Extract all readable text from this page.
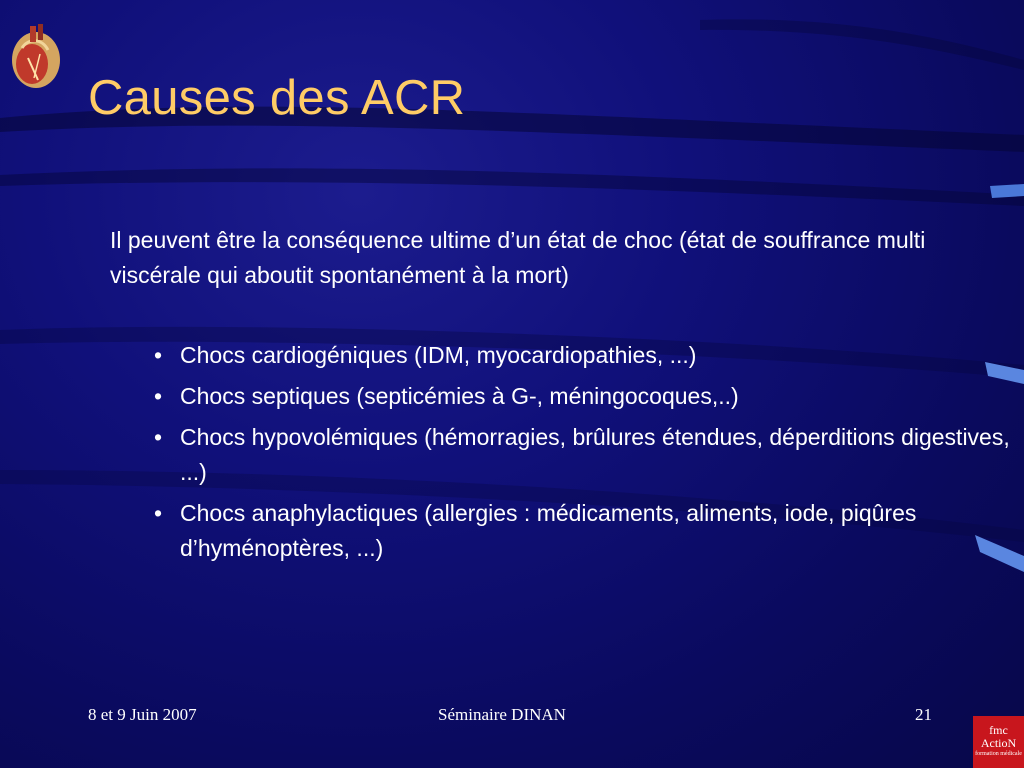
Causes des ACR

Il peuvent être la conséquence ultime d’un état de choc (état de souffrance multi viscérale qui aboutit spontanément à la mort)

• Chocs cardiogéniques (IDM, myocardiopathies, ...)
• Chocs septiques (septicémies à G-, méningocoques,..)
• Chocs hypovolémiques (hémorragies, brûlures étendues, déperditions digestives, ...)
• Chocs anaphylactiques (allergies : médicaments, aliments, iode, piqûres d’hyménoptères, ...)
8 et 9 Juin 2007	Séminaire DINAN	21
fmc
ActioN
formation médicale
